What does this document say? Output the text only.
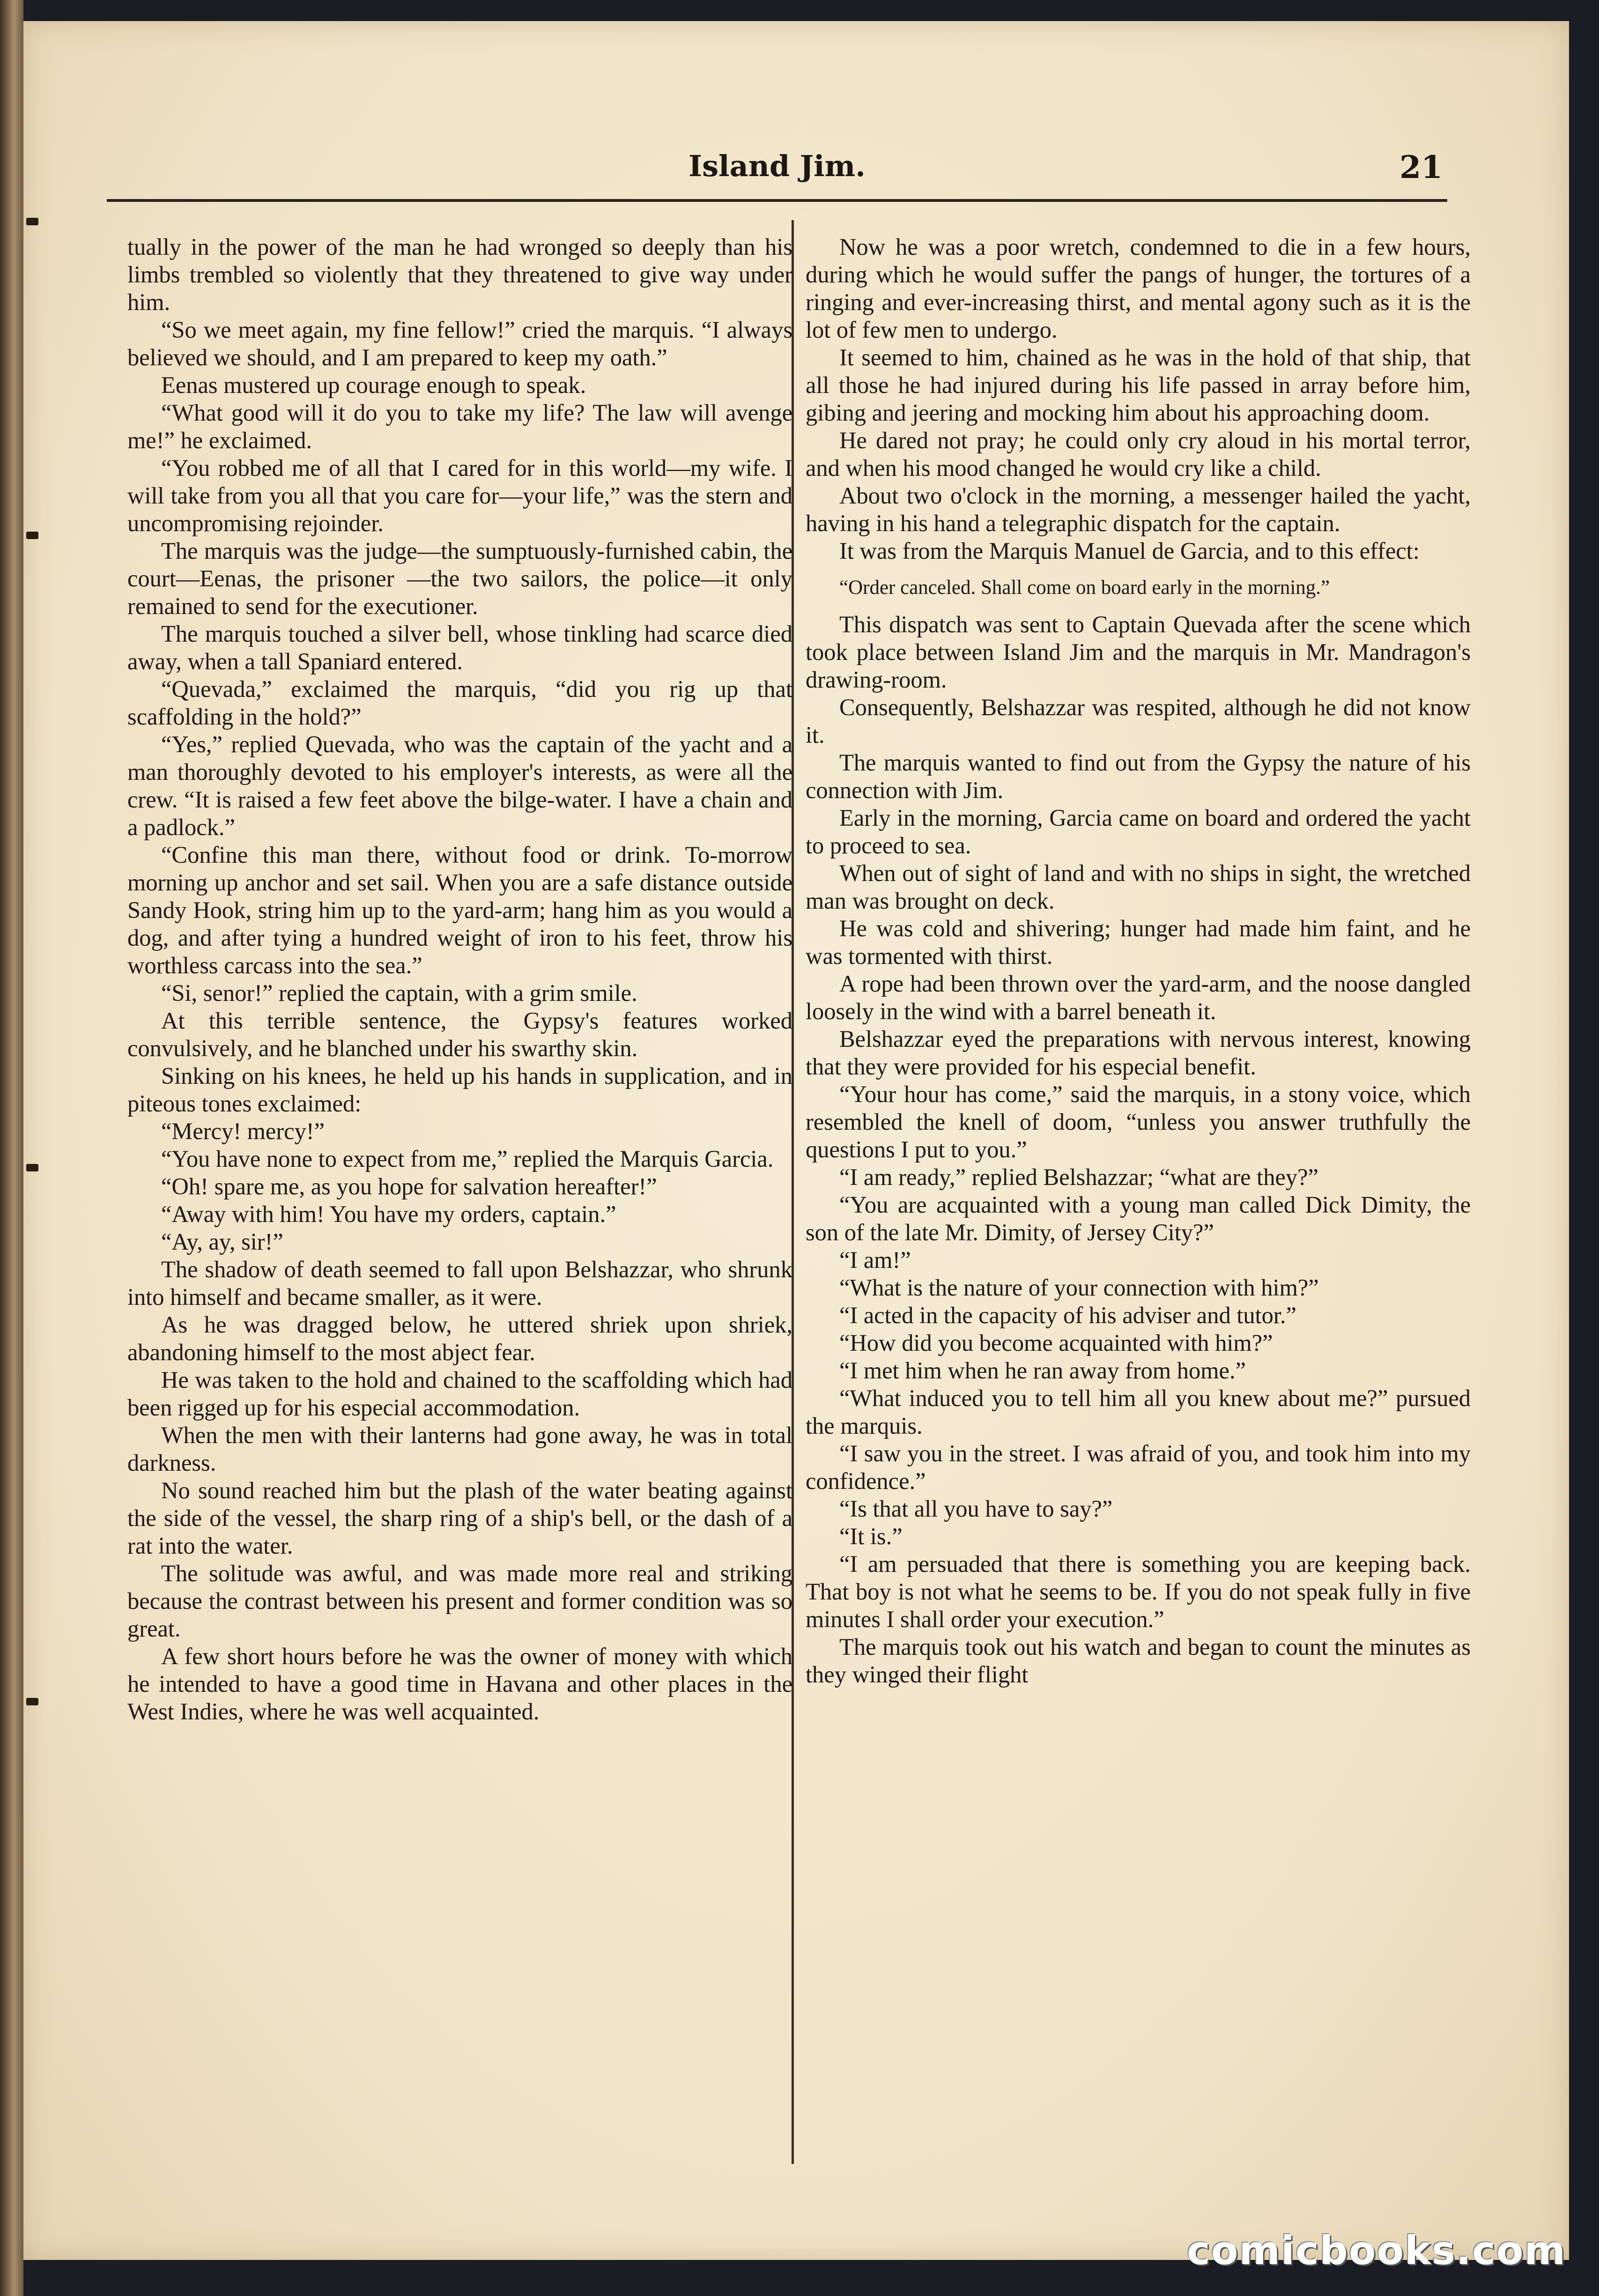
Island Jim.	21

tually in the power of the man he had wronged so deeply than his limbs trembled so violently that they threatened to give way under him.

“So we meet again, my fine fellow!” cried the marquis. “I always believed we should, and I am prepared to keep my oath.”

Eenas mustered up courage enough to speak.

“What good will it do you to take my life? The law will avenge me!” he exclaimed.

“You robbed me of all that I cared for in this world—my wife. I will take from you all that you care for—your life,” was the stern and uncompromising rejoinder.

The marquis was the judge—the sumptuously-furnished cabin, the court—Eenas, the prisoner —the two sailors, the police—it only remained to send for the executioner.

The marquis touched a silver bell, whose tinkling had scarce died away, when a tall Spaniard entered.

“Quevada,” exclaimed the marquis, “did you rig up that scaffolding in the hold?”

“Yes,” replied Quevada, who was the captain of the yacht and a man thoroughly devoted to his employer's interests, as were all the crew. “It is raised a few feet above the bilge-water. I have a chain and a padlock.”

“Confine this man there, without food or drink. To-morrow morning up anchor and set sail. When you are a safe distance outside Sandy Hook, string him up to the yard-arm; hang him as you would a dog, and after tying a hundred weight of iron to his feet, throw his worthless carcass into the sea.”

“Si, senor!” replied the captain, with a grim smile.

At this terrible sentence, the Gypsy's features worked convulsively, and he blanched under his swarthy skin.

Sinking on his knees, he held up his hands in supplication, and in piteous tones exclaimed:

“Mercy! mercy!”

“You have none to expect from me,” replied the Marquis Garcia.

“Oh! spare me, as you hope for salvation hereafter!”

“Away with him! You have my orders, captain.”

“Ay, ay, sir!”

The shadow of death seemed to fall upon Belshazzar, who shrunk into himself and became smaller, as it were.

As he was dragged below, he uttered shriek upon shriek, abandoning himself to the most abject fear.

He was taken to the hold and chained to the scaffolding which had been rigged up for his especial accommodation.

When the men with their lanterns had gone away, he was in total darkness.

No sound reached him but the plash of the water beating against the side of the vessel, the sharp ring of a ship's bell, or the dash of a rat into the water.

The solitude was awful, and was made more real and striking because the contrast between his present and former condition was so great.

A few short hours before he was the owner of money with which he intended to have a good time in Havana and other places in the West Indies, where he was well acquainted.

Now he was a poor wretch, condemned to die in a few hours, during which he would suffer the pangs of hunger, the tortures of a ringing and ever-increasing thirst, and mental agony such as it is the lot of few men to undergo.

It seemed to him, chained as he was in the hold of that ship, that all those he had injured during his life passed in array before him, gibing and jeering and mocking him about his approaching doom.

He dared not pray; he could only cry aloud in his mortal terror, and when his mood changed he would cry like a child.

About two o'clock in the morning, a messenger hailed the yacht, having in his hand a telegraphic dispatch for the captain.

It was from the Marquis Manuel de Garcia, and to this effect:

“Order canceled. Shall come on board early in the morning.”

This dispatch was sent to Captain Quevada after the scene which took place between Island Jim and the marquis in Mr. Mandragon's drawing-room.

Consequently, Belshazzar was respited, although he did not know it.

The marquis wanted to find out from the Gypsy the nature of his connection with Jim.

Early in the morning, Garcia came on board and ordered the yacht to proceed to sea.

When out of sight of land and with no ships in sight, the wretched man was brought on deck.

He was cold and shivering; hunger had made him faint, and he was tormented with thirst.

A rope had been thrown over the yard-arm, and the noose dangled loosely in the wind with a barrel beneath it.

Belshazzar eyed the preparations with nervous interest, knowing that they were provided for his especial benefit.

“Your hour has come,” said the marquis, in a stony voice, which resembled the knell of doom, “unless you answer truthfully the questions I put to you.”

“I am ready,” replied Belshazzar; “what are they?”

“You are acquainted with a young man called Dick Dimity, the son of the late Mr. Dimity, of Jersey City?”

“I am!”

“What is the nature of your connection with him?”

“I acted in the capacity of his adviser and tutor.”

“How did you become acquainted with him?”

“I met him when he ran away from home.”

“What induced you to tell him all you knew about me?” pursued the marquis.

“I saw you in the street. I was afraid of you, and took him into my confidence.”

“Is that all you have to say?”

“It is.”

“I am persuaded that there is something you are keeping back. That boy is not what he seems to be. If you do not speak fully in five minutes I shall order your execution.”

The marquis took out his watch and began to count the minutes as they winged their flight

comicbooks.com
